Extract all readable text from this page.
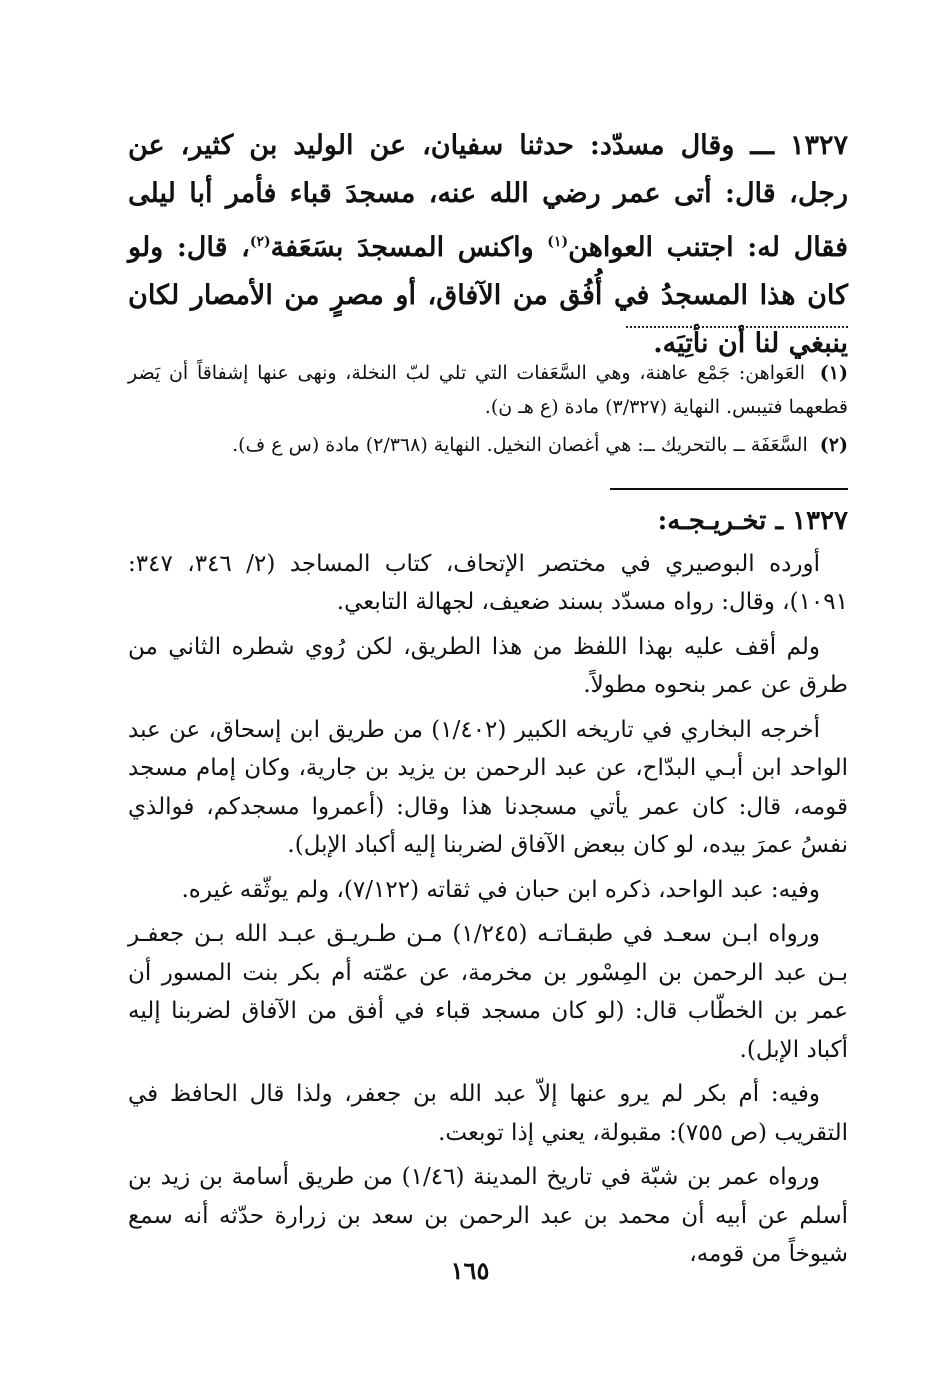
١٣٢٧ ـــ وقال مسدّد: حدثنا سفيان، عن الوليد بن كثير، عن رجل، قال: أتى عمر رضي الله عنه، مسجدَ قباء فأمر أبا ليلى فقال له: اجتنب العواهن$^{(١)}$ واكنس المسجدَ بسَعَفة$^{(٢)}$، قال: ولو كان هذا المسجدُ في أُفُق من الآفاق، أو مصرٍ من الأمصار لكان ينبغي لنا أن نأتِيَه.
(١) العَواهن: جَمْع عاهنة، وهي السَّعَفات التي تلي لبّ النخلة، ونهى عنها إشفاقاً أن يَضر قطعهما فتيبس. النهاية (٣/٣٢٧) مادة (ع هـ ن).
(٢) السَّعَفَة ــ بالتحريك ــ: هي أغصان النخيل. النهاية (٢/٣٦٨) مادة (س ع ف).

١٣٢٧ ـ تخـريـجـه:

أورده البوصيري في مختصر الإتحاف، كتاب المساجد (٢/ ٣٤٦، ٣٤٧: ١٠٩١)، وقال: رواه مسدّد بسند ضعيف، لجهالة التابعي.

ولم أقف عليه بهذا اللفظ من هذا الطريق، لكن رُوي شطره الثاني من طرق عن عمر بنحوه مطولاً.

أخرجه البخاري في تاريخه الكبير (١/٤٠٢) من طريق ابن إسحاق، عن عبد الواحد ابن أبـي البدّاح، عن عبد الرحمن بن يزيد بن جارية، وكان إمام مسجد قومه، قال: كان عمر يأتي مسجدنا هذا وقال: (أعمروا مسجدكم، فوالذي نفسُ عمرَ بيده، لو كان ببعض الآفاق لضربنا إليه أكباد الإبل).

وفيه: عبد الواحد، ذكره ابن حبان في ثقاته (٧/١٢٢)، ولم يوثّقه غيره.

ورواه ابـن سعـد في طبقـاتـه (١/٢٤٥) مـن طـريـق عبـد الله بـن جعفـر بـن عبد الرحمن بن المِسْور بن مخرمة، عن عمّته أم بكر بنت المسور أن عمر بن الخطّاب قال: (لو كان مسجد قباء في أفق من الآفاق لضربنا إليه أكباد الإبل).

وفيه: أم بكر لم يرو عنها إلاّ عبد الله بن جعفر، ولذا قال الحافظ في التقريب (ص ٧٥٥): مقبولة، يعني إذا توبعت.

ورواه عمر بن شبّة في تاريخ المدينة (١/٤٦) من طريق أسامة بن زيد بن أسلم عن أبيه أن محمد بن عبد الرحمن بن سعد بن زرارة حدّثه أنه سمع شيوخاً من قومه،

١٦٥
